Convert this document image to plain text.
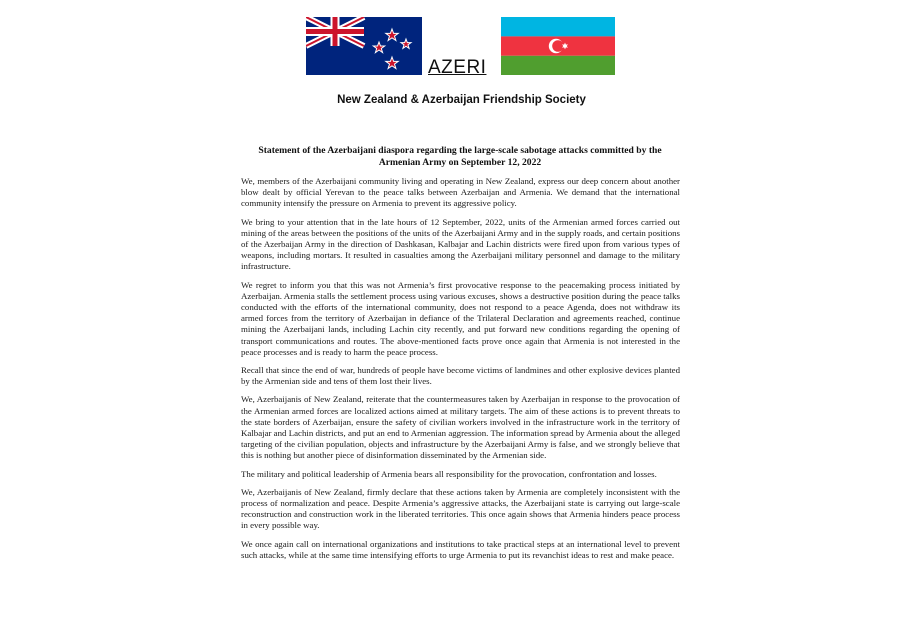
AZERI
New Zealand & Azerbaijan Friendship Society
Statement of the Azerbaijani diaspora regarding the large-scale sabotage attacks committed by the
Armenian Army on September 12, 2022

We, members of the Azerbaijani community living and operating in New Zealand, express our deep concern about another blow dealt by official Yerevan to the peace talks between Azerbaijan and Armenia. We demand that the international community intensify the pressure on Armenia to prevent its aggressive policy.

We bring to your attention that in the late hours of 12 September, 2022, units of the Armenian armed forces carried out mining of the areas between the positions of the units of the Azerbaijani Army and in the supply roads, and certain positions of the Azerbaijan Army in the direction of Dashkasan, Kalbajar and Lachin districts were fired upon from various types of weapons, including mortars. It resulted in casualties among the Azerbaijani military personnel and damage to the military infrastructure.

We regret to inform you that this was not Armenia’s first provocative response to the peacemaking process initiated by Azerbaijan. Armenia stalls the settlement process using various excuses, shows a destructive position during the peace talks conducted with the efforts of the international community, does not respond to a peace Agenda, does not withdraw its armed forces from the territory of Azerbaijan in defiance of the Trilateral Declaration and agreements reached, continue mining the Azerbaijani lands, including Lachin city recently, and put forward new conditions regarding the opening of transport communications and routes. The above-mentioned facts prove once again that Armenia is not interested in the peace processes and is ready to harm the peace process.

Recall that since the end of war, hundreds of people have become victims of landmines and other explosive devices planted by the Armenian side and tens of them lost their lives.

We, Azerbaijanis of New Zealand, reiterate that the countermeasures taken by Azerbaijan in response to the provocation of the Armenian armed forces are localized actions aimed at military targets. The aim of these actions is to prevent threats to the state borders of Azerbaijan, ensure the safety of civilian workers involved in the infrastructure work in the territory of Kalbajar and Lachin districts, and put an end to Armenian aggression. The information spread by Armenia about the alleged targeting of the civilian population, objects and infrastructure by the Azerbaijani Army is false, and we strongly believe that this is nothing but another piece of disinformation disseminated by the Armenian side.

The military and political leadership of Armenia bears all responsibility for the provocation, confrontation and losses.

We, Azerbaijanis of New Zealand, firmly declare that these actions taken by Armenia are completely inconsistent with the process of normalization and peace. Despite Armenia’s aggressive attacks, the Azerbaijani state is carrying out large-scale reconstruction and construction work in the liberated territories. This once again shows that Armenia hinders peace process in every possible way.

We once again call on international organizations and institutions to take practical steps at an international level to prevent such attacks, while at the same time intensifying efforts to urge Armenia to put its revanchist ideas to rest and make peace.
